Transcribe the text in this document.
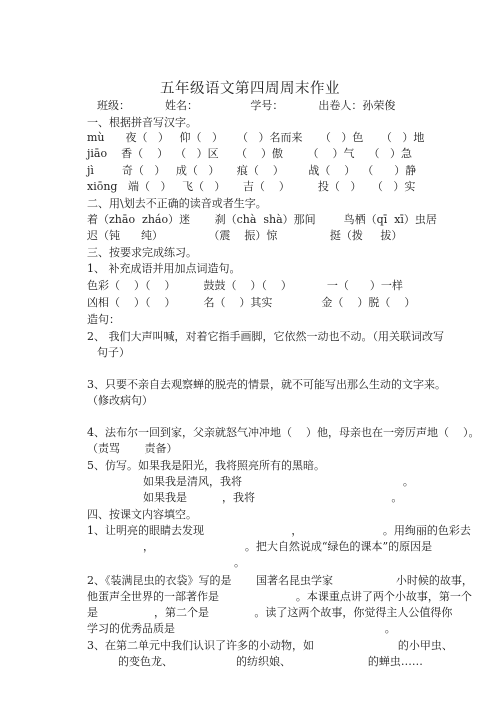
五年级语文第四周周末作业
班级：          姓名：               学号：          出卷人：孙荣俊
一、根据拼音写汉字。
mù      夜（   ）   仰（   ）    （   ）名而来     （   ）色     （   ）地
jiāo    香（    ）  （   ）区     （    ）傲       （    ）气    （   ）急
jì        奇（   ）   成（   ）     痕（    ）       战（    ）  （      ）静
xiōng   端（   ）   飞（   ）     吉（    ）        投（   ）   （   ）实
二、用\划去不正确的读音或者生字。
着（zhāo  zháo）迷       刹（chà  shà）那间        鸟栖（qī  xī）虫居
迟（钝      纯）             （震    振）惊               挺（拨     拔）
三、按要求完成练习。
1、 补充成语并用加点词造句。
色彩（    ）（    ）        鼓鼓（    ）（    ）          一（      ）一样
凶相（    ）（    ）        名（    ）其实              金（    ）脱（    ）
造句：
2、 我们大声叫喊，对着它指手画脚，它依然一动也不动。（用关联词改写
句子）
3、只要不亲自去观察蝉的脱壳的情景，就不可能写出那么生动的文字来。
（修改病句）
4、法布尔一回到家，父亲就怒气冲冲地（    ）他，母亲也在一旁厉声地（    ）。
（责骂       责备）
5、仿写。如果我是阳光，我将照亮所有的黑暗。
如果我是清风，我将                                              。
如果我是          ，我将                                       。
四、按课文内容填空。
1、让明亮的眼睛去发现                         ，                       。用绚丽的色彩去
，                          。把大自然说成“绿色的课本”的原因是
。
2、《装满昆虫的衣袋》写的是       国著名昆虫学家                  小时候的故事，
他蛋声全世界的一部著作是                      。本课重点讲了两个小故事，第一个
是                ，第二个是             。读了这两个故事，你觉得主人公值得你
学习的优秀品质是                                                            。
3、在第二单元中我们认识了许多的小动物，如                        的小甲虫、
的变色龙、                  的纺织娘、                      的蝉虫……
